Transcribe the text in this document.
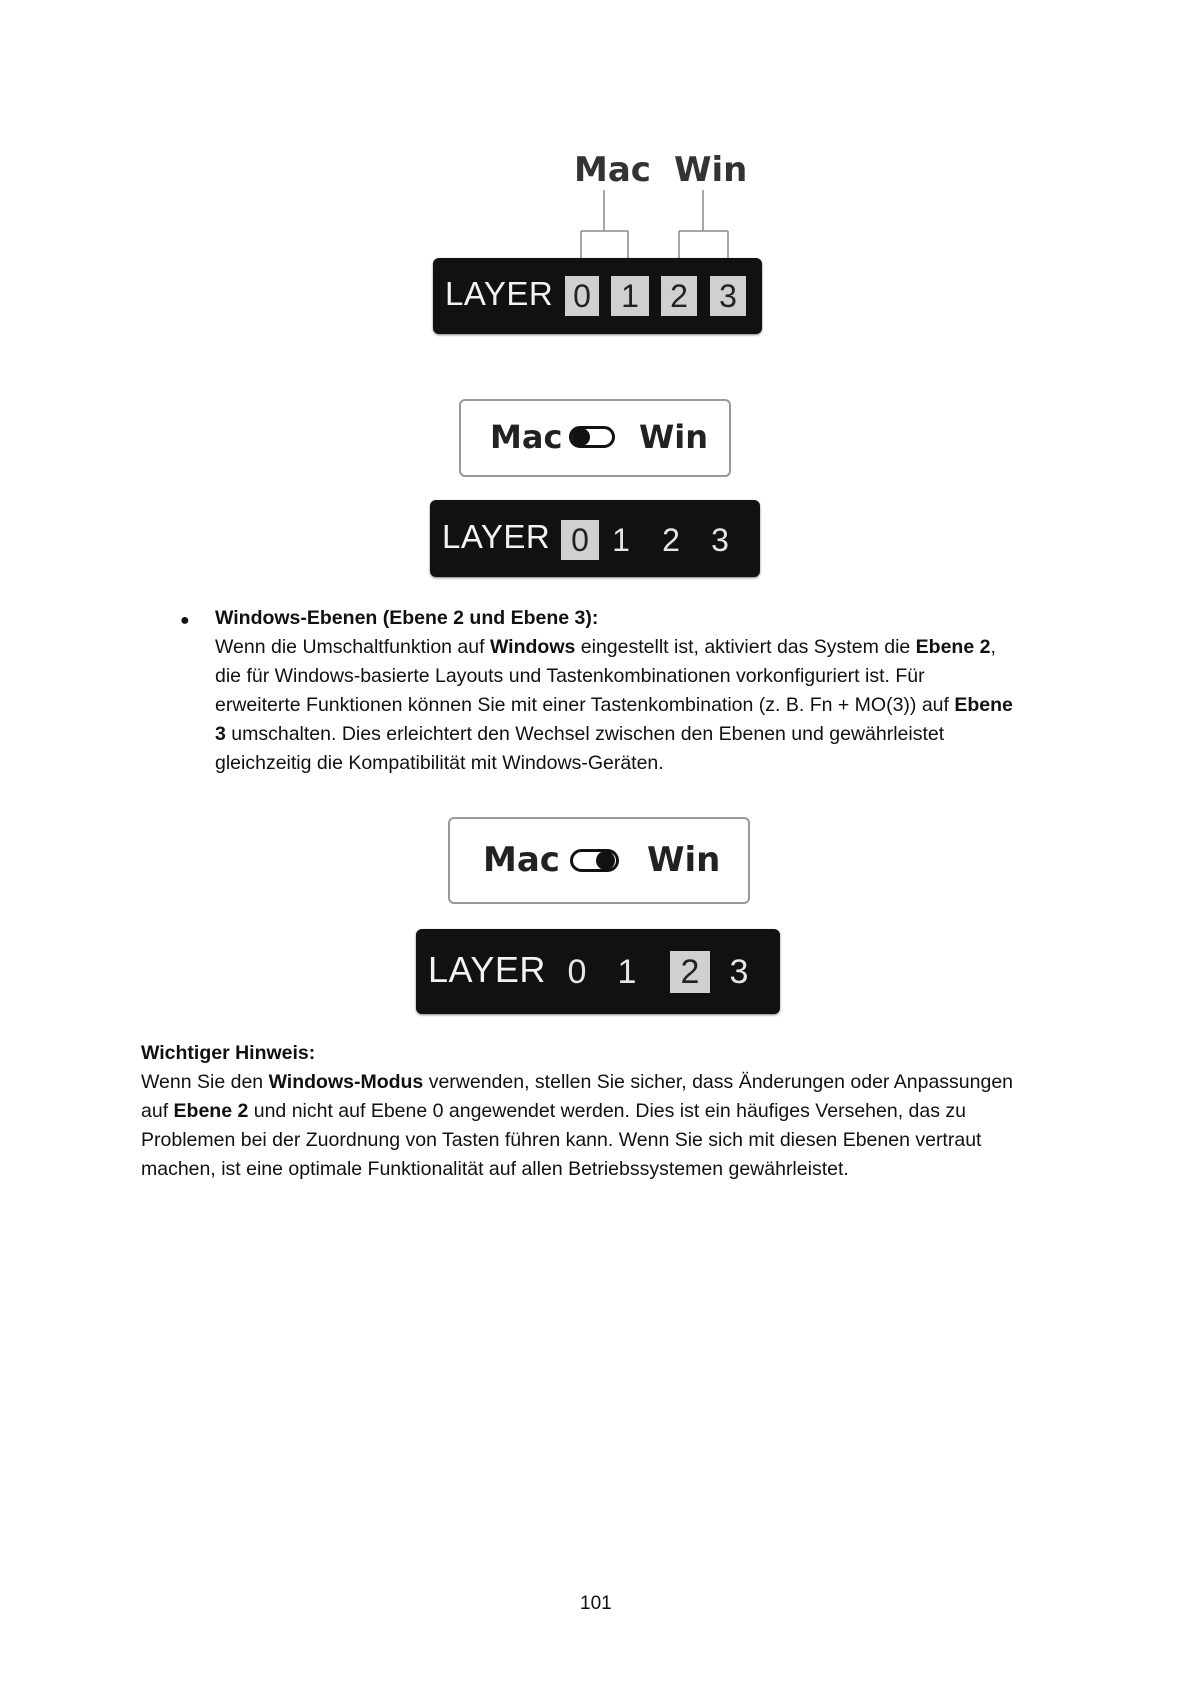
Mac Win
LAYER 0 1 2 3
Mac Win
LAYER 0 1 2 3
● Windows-Ebenen (Ebene 2 und Ebene 3):
Wenn die Umschaltfunktion auf Windows eingestellt ist, aktiviert das System die Ebene 2,
die für Windows-basierte Layouts und Tastenkombinationen vorkonfiguriert ist. Für
erweiterte Funktionen können Sie mit einer Tastenkombination (z. B. Fn + MO(3)) auf Ebene
3 umschalten. Dies erleichtert den Wechsel zwischen den Ebenen und gewährleistet
gleichzeitig die Kompatibilität mit Windows-Geräten.
Mac	Win
LAYER 0 1	2 3
Wichtiger Hinweis:
Wenn Sie den Windows-Modus verwenden, stellen Sie sicher, dass Änderungen oder Anpassungen
auf Ebene 2 und nicht auf Ebene 0 angewendet werden. Dies ist ein häufiges Versehen, das zu
Problemen bei der Zuordnung von Tasten führen kann. Wenn Sie sich mit diesen Ebenen vertraut
machen, ist eine optimale Funktionalität auf allen Betriebssystemen gewährleistet.
101
